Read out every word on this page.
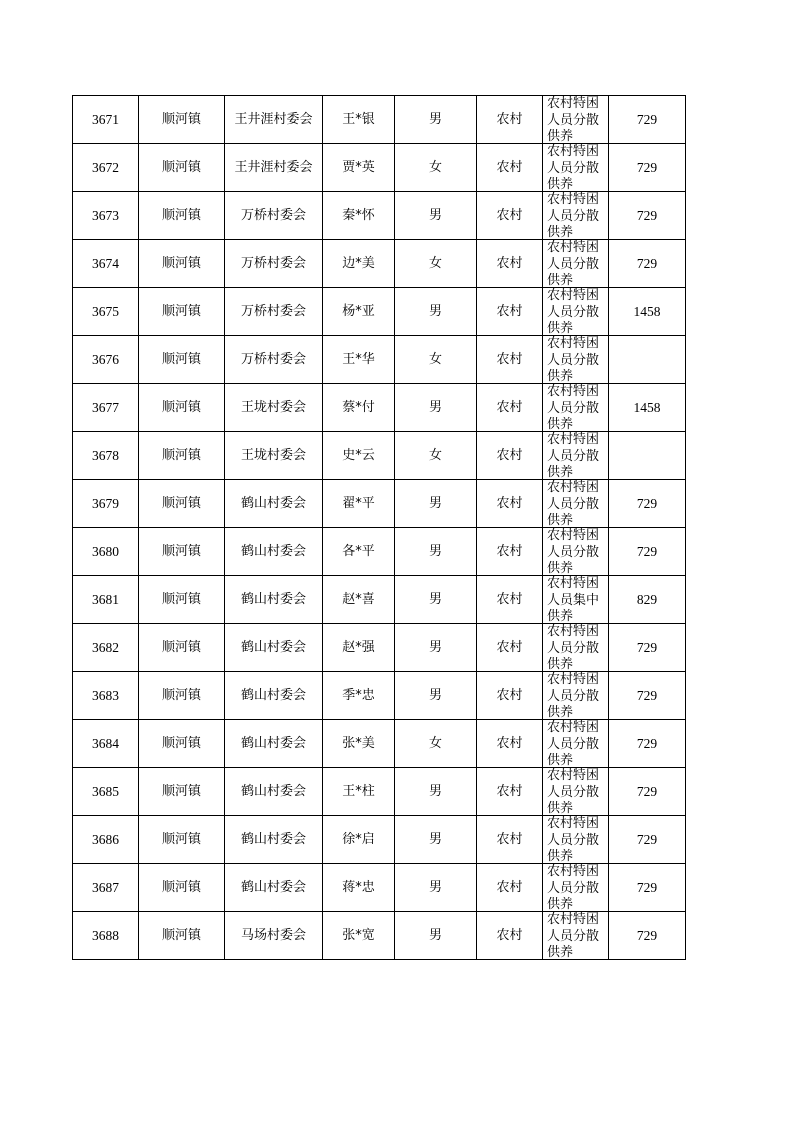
3671	顺河镇	王井涯村委会	王*银	男	农村	农村特困人员分散供养	729
3672	顺河镇	王井涯村委会	贾*英	女	农村	农村特困人员分散供养	729
3673	顺河镇	万桥村委会	秦*怀	男	农村	农村特困人员分散供养	729
3674	顺河镇	万桥村委会	边*美	女	农村	农村特困人员分散供养	729
3675	顺河镇	万桥村委会	杨*亚	男	农村	农村特困人员分散供养	1458
3676	顺河镇	万桥村委会	王*华	女	农村	农村特困人员分散供养	

3677	顺河镇	王垅村委会	蔡*付	男	农村	农村特困人员分散供养	1458
3678	顺河镇	王垅村委会	史*云	女	农村	农村特困人员分散供养	

3679	顺河镇	鹤山村委会	翟*平	男	农村	农村特困人员分散供养	729
3680	顺河镇	鹤山村委会	各*平	男	农村	农村特困人员分散供养	729
3681	顺河镇	鹤山村委会	赵*喜	男	农村	农村特困人员集中供养	829
3682	顺河镇	鹤山村委会	赵*强	男	农村	农村特困人员分散供养	729
3683	顺河镇	鹤山村委会	季*忠	男	农村	农村特困人员分散供养	729
3684	顺河镇	鹤山村委会	张*美	女	农村	农村特困人员分散供养	729
3685	顺河镇	鹤山村委会	王*柱	男	农村	农村特困人员分散供养	729
3686	顺河镇	鹤山村委会	徐*启	男	农村	农村特困人员分散供养	729
3687	顺河镇	鹤山村委会	蒋*忠	男	农村	农村特困人员分散供养	729
3688	顺河镇	马场村委会	张*宽	男	农村	农村特困人员分散供养	729
